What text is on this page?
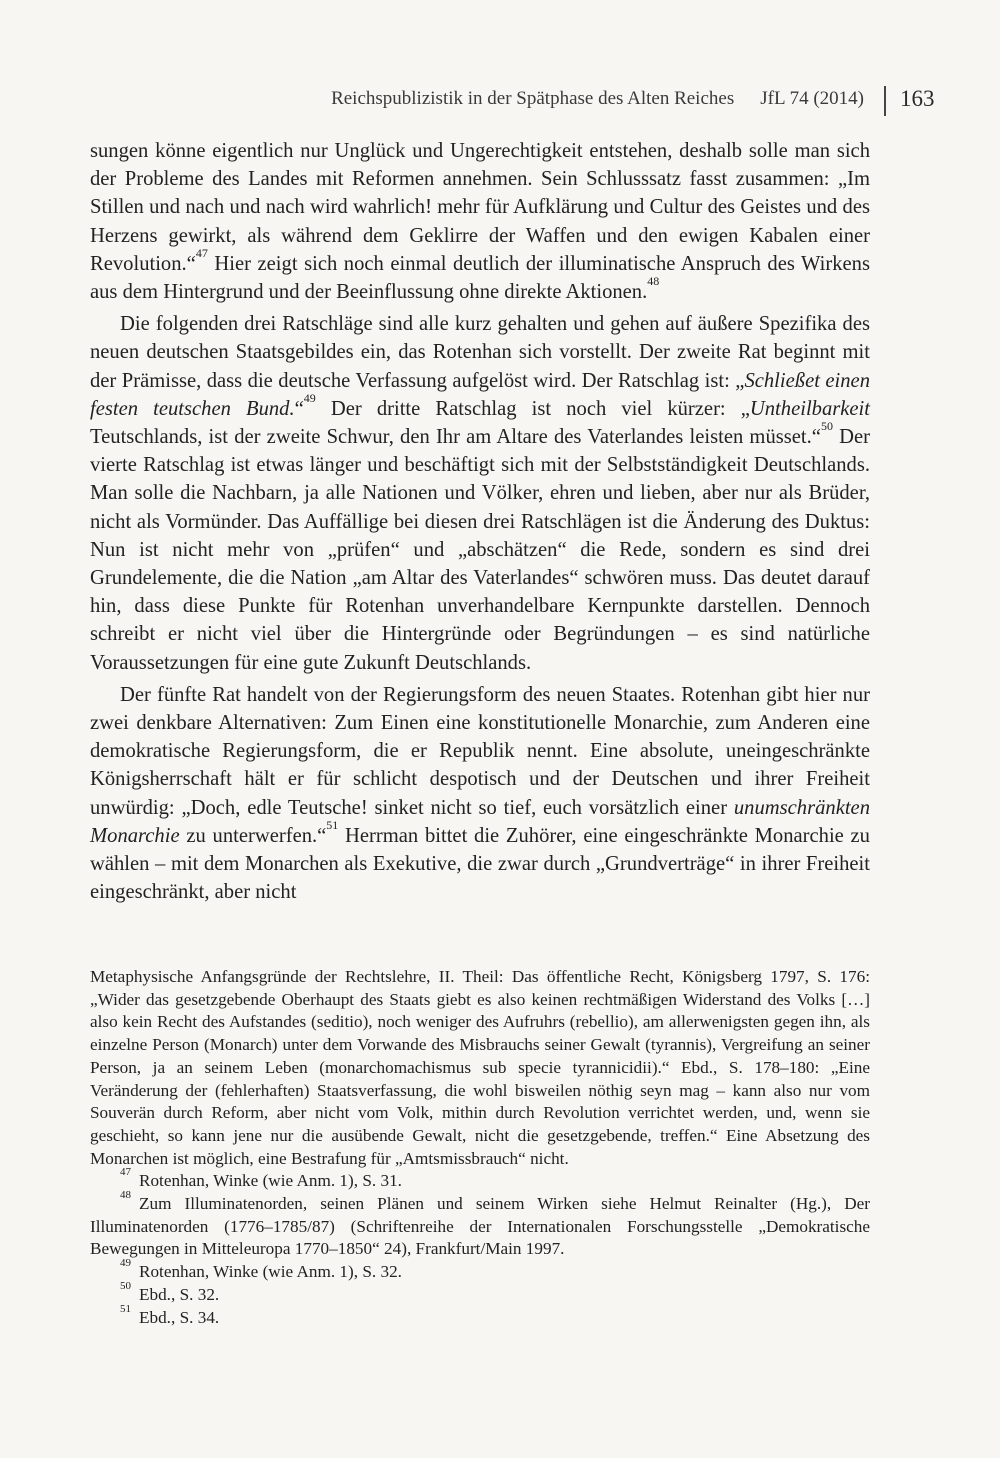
Reichspublizistik in der Spätphase des Alten Reiches JfL 74 (2014) 163

sungen könne eigentlich nur Unglück und Ungerechtigkeit entstehen, deshalb solle man sich der Probleme des Landes mit Reformen annehmen. Sein Schlusssatz fasst zusammen: „Im Stillen und nach und nach wird wahrlich! mehr für Aufklärung und Cultur des Geistes und des Herzens gewirkt, als während dem Geklirre der Waffen und den ewigen Kabalen einer Revolution.“$^{47}$ Hier zeigt sich noch einmal deutlich der illuminatische Anspruch des Wirkens aus dem Hintergrund und der Beeinflussung ohne direkte Aktionen.$^{48}$

Die folgenden drei Ratschläge sind alle kurz gehalten und gehen auf äußere Spezifika des neuen deutschen Staatsgebildes ein, das Rotenhan sich vorstellt. Der zweite Rat beginnt mit der Prämisse, dass die deutsche Verfassung aufgelöst wird. Der Ratschlag ist: „Schließet einen festen teutschen Bund.“$^{49}$ Der dritte Ratschlag ist noch viel kürzer: „Untheilbarkeit Teutschlands, ist der zweite Schwur, den Ihr am Altare des Vaterlandes leisten müsset.“$^{50}$ Der vierte Ratschlag ist etwas länger und beschäftigt sich mit der Selbstständigkeit Deutschlands. Man solle die Nachbarn, ja alle Nationen und Völker, ehren und lieben, aber nur als Brüder, nicht als Vormünder. Das Auffällige bei diesen drei Ratschlägen ist die Änderung des Duktus: Nun ist nicht mehr von „prüfen“ und „abschätzen“ die Rede, sondern es sind drei Grundelemente, die die Nation „am Altar des Vaterlandes“ schwören muss. Das deutet darauf hin, dass diese Punkte für Rotenhan unverhandelbare Kernpunkte darstellen. Dennoch schreibt er nicht viel über die Hintergründe oder Begründungen – es sind natürliche Voraussetzungen für eine gute Zukunft Deutschlands.

Der fünfte Rat handelt von der Regierungsform des neuen Staates. Rotenhan gibt hier nur zwei denkbare Alternativen: Zum Einen eine konstitutionelle Monarchie, zum Anderen eine demokratische Regierungsform, die er Republik nennt. Eine absolute, uneingeschränkte Königsherrschaft hält er für schlicht despotisch und der Deutschen und ihrer Freiheit unwürdig: „Doch, edle Teutsche! sinket nicht so tief, euch vorsätzlich einer unumschränkten Monarchie zu unterwerfen.“$^{51}$ Herrman bittet die Zuhörer, eine eingeschränkte Monarchie zu wählen – mit dem Monarchen als Exekutive, die zwar durch „Grundverträge“ in ihrer Freiheit eingeschränkt, aber nicht

Metaphysische Anfangsgründe der Rechtslehre, II. Theil: Das öffentliche Recht, Königsberg 1797, S. 176: „Wider das gesetzgebende Oberhaupt des Staats giebt es also keinen rechtmäßigen Widerstand des Volks […] also kein Recht des Aufstandes (seditio), noch weniger des Aufruhrs (rebellio), am allerwenigsten gegen ihn, als einzelne Person (Monarch) unter dem Vorwande des Misbrauchs seiner Gewalt (tyrannis), Vergreifung an seiner Person, ja an seinem Leben (monarchomachismus sub specie tyrannicidii).“ Ebd., S. 178–180: „Eine Veränderung der (fehlerhaften) Staatsverfassung, die wohl bisweilen nöthig seyn mag – kann also nur vom Souverän durch Reform, aber nicht vom Volk, mithin durch Revolution verrichtet werden, und, wenn sie geschieht, so kann jene nur die ausübende Gewalt, nicht die gesetzgebende, treffen.“ Eine Absetzung des Monarchen ist möglich, eine Bestrafung für „Amtsmissbrauch“ nicht.

$^{47}$ Rotenhan, Winke (wie Anm. 1), S. 31.

$^{48}$ Zum Illuminatenorden, seinen Plänen und seinem Wirken siehe Helmut Reinalter (Hg.), Der Illuminatenorden (1776–1785/87) (Schriftenreihe der Internationalen Forschungsstelle „Demokratische Bewegungen in Mitteleuropa 1770–1850“ 24), Frankfurt/Main 1997.

$^{49}$ Rotenhan, Winke (wie Anm. 1), S. 32.

$^{50}$ Ebd., S. 32.

$^{51}$ Ebd., S. 34.
